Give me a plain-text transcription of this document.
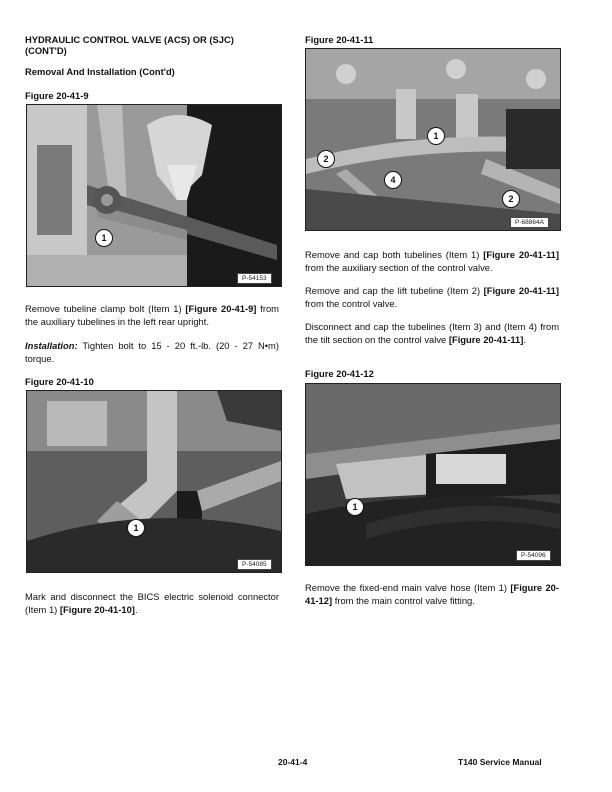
HYDRAULIC CONTROL VALVE (ACS) OR (SJC)
(CONT'D)
Removal And Installation (Cont'd)
Figure 20-41-9
1
P-54153
Remove tubeline clamp bolt (Item 1) [Figure 20-41-9] from the auxiliary tubelines in the left rear upright.
Installation: Tighten bolt to 15 - 20 ft.-lb. (20 - 27 N•m) torque.
Figure 20-41-10
1
P-54085
Mark and disconnect the BICS electric solenoid connector (Item 1) [Figure 20-41-10].
Figure 20-41-11
1
2
4
2
P-68864A
Remove and cap both tubelines (Item 1) [Figure 20-41-11] from the auxiliary section of the control valve.
Remove and cap the lift tubeline (Item 2) [Figure 20-41-11] from the control valve.
Disconnect and cap the tubelines (Item 3) and (Item 4) from the tilt section on the control valve [Figure 20-41-11].
Figure 20-41-12
1
P-54096
Remove the fixed-end main valve hose (Item 1) [Figure 20-41-12] from the main control valve fitting.
20-41-4	T140 Service Manual
